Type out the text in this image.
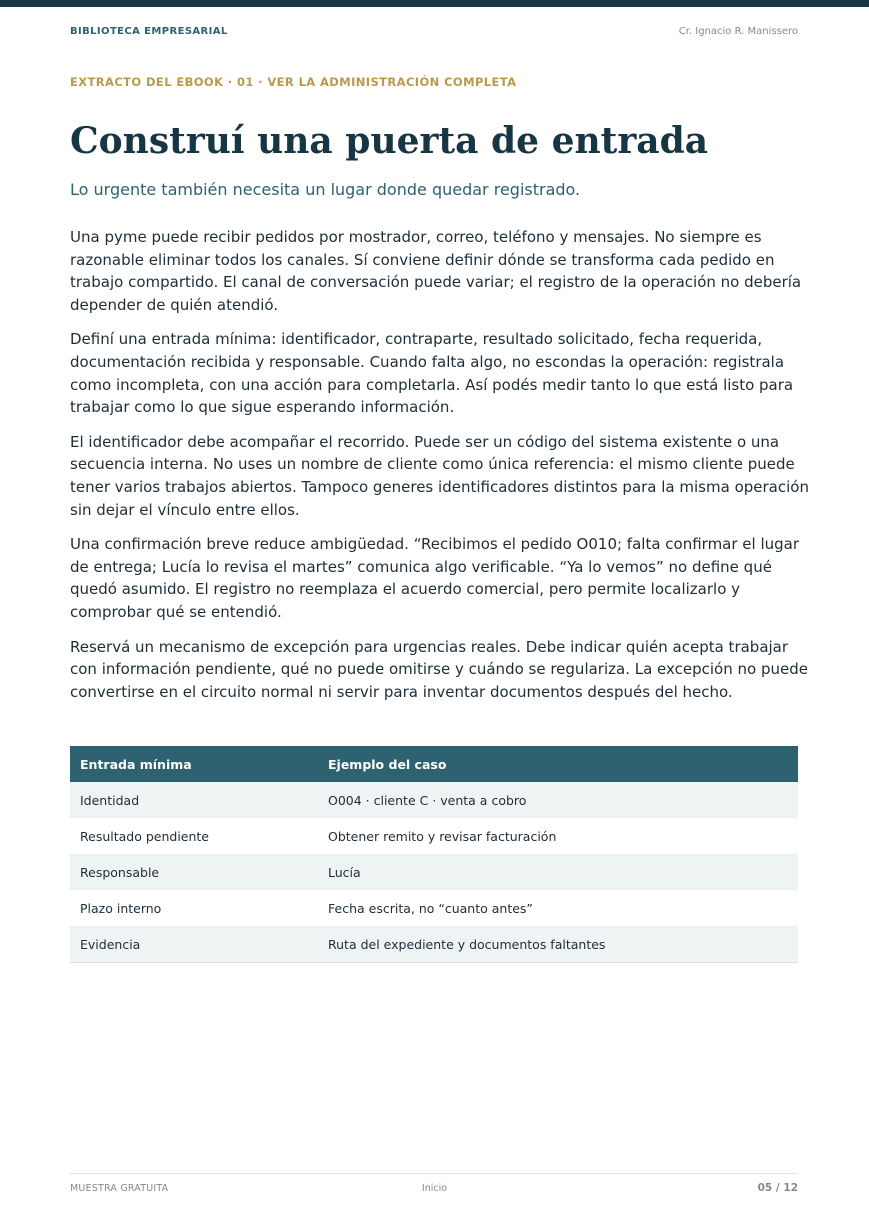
BIBLIOTECA EMPRESARIAL	Cr. Ignacio R. Manissero
EXTRACTO DEL EBOOK · 01 · VER LA ADMINISTRACIÓN COMPLETA
Construí una puerta de entrada
Lo urgente también necesita un lugar donde quedar registrado.

Una pyme puede recibir pedidos por mostrador, correo, teléfono y mensajes. No siempre es razonable eliminar todos los canales. Sí conviene definir dónde se transforma cada pedido en trabajo compartido. El canal de conversación puede variar; el registro de la operación no debería depender de quién atendió.

Definí una entrada mínima: identificador, contraparte, resultado solicitado, fecha requerida, documentación recibida y responsable. Cuando falta algo, no escondas la operación: registrala como incompleta, con una acción para completarla. Así podés medir tanto lo que está listo para trabajar como lo que sigue esperando información.

El identificador debe acompañar el recorrido. Puede ser un código del sistema existente o una secuencia interna. No uses un nombre de cliente como única referencia: el mismo cliente puede tener varios trabajos abiertos. Tampoco generes identificadores distintos para la misma operación sin dejar el vínculo entre ellos.

Una confirmación breve reduce ambigüedad. “Recibimos el pedido O010; falta confirmar el lugar de entrega; Lucía lo revisa el martes” comunica algo verificable. “Ya lo vemos” no define qué quedó asumido. El registro no reemplaza el acuerdo comercial, pero permite localizarlo y comprobar qué se entendió.

Reservá un mecanismo de excepción para urgencias reales. Debe indicar quién acepta trabajar con información pendiente, qué no puede omitirse y cuándo se regulariza. La excepción no puede convertirse en el circuito normal ni servir para inventar documentos después del hecho.

Entrada mínima	Ejemplo del caso
Identidad	O004 · cliente C · venta a cobro
Resultado pendiente	Obtener remito y revisar facturación
Responsable	Lucía
Plazo interno	Fecha escrita, no “cuanto antes”
Evidencia	Ruta del expediente y documentos faltantes
MUESTRA GRATUITA	Inicio	05 / 12
